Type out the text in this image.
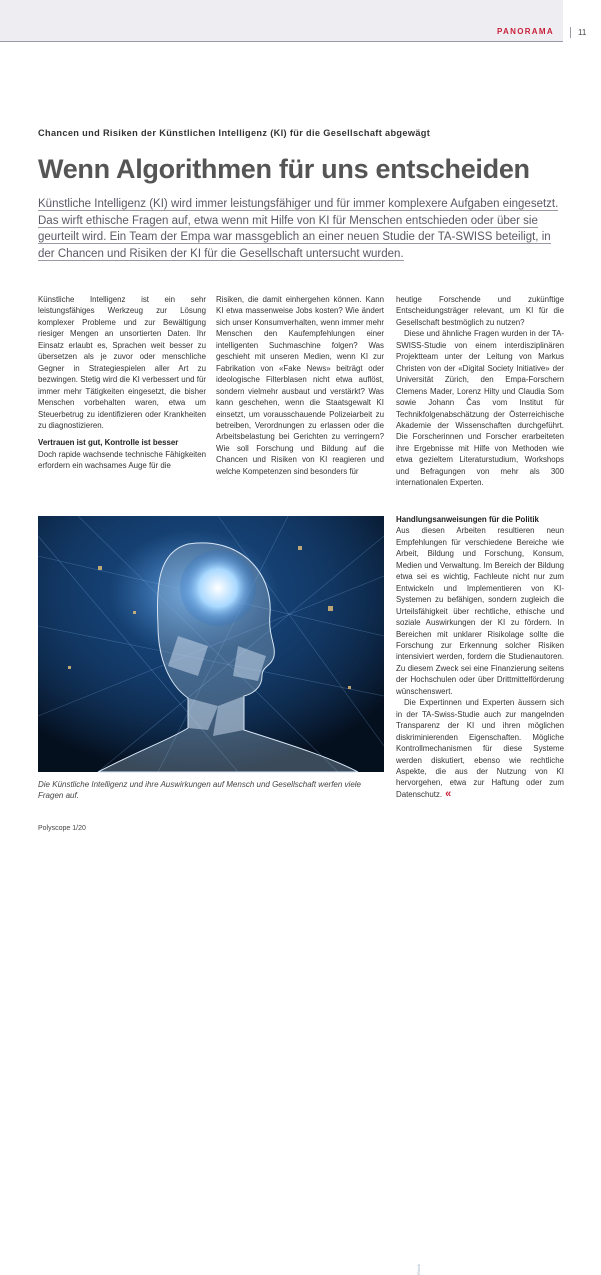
PANORAMA	11
Chancen und Risiken der Künstlichen Intelligenz (KI) für die Gesellschaft abgewägt
Wenn Algorithmen für uns entscheiden
Künstliche Intelligenz (KI) wird immer leistungsfähiger und für immer komplexere Aufgaben eingesetzt. Das wirft ethische Fragen auf, etwa wenn mit Hilfe von KI für Menschen entschieden oder über sie geurteilt wird. Ein Team der Empa war massgeblich an einer neuen Studie der TA-SWISS beteiligt, in der Chancen und Risiken der KI für die Gesellschaft untersucht wurden.

Künstliche Intelligenz ist ein sehr leistungsfähiges Werkzeug zur Lösung komplexer Probleme und zur Bewältigung riesiger Mengen an unsortierten Daten. Ihr Einsatz erlaubt es, Sprachen weit besser zu übersetzen als je zuvor oder menschliche Gegner in Strategiespielen aller Art zu bezwingen. Stetig wird die KI verbessert und für immer mehr Tätigkeiten eingesetzt, die bisher Menschen vorbehalten waren, etwa um Steuerbetrug zu identifizieren oder Krankheiten zu diagnostizieren.

Vertrauen ist gut, Kontrolle ist besser

Doch rapide wachsende technische Fähigkeiten erfordern ein wachsames Auge für die

Risiken, die damit einhergehen können. Kann KI etwa massenweise Jobs kosten? Wie ändert sich unser Konsumverhalten, wenn immer mehr Menschen den Kaufempfehlungen einer intelligenten Suchmaschine folgen? Was geschieht mit unseren Medien, wenn KI zur Fabrikation von «Fake News» beiträgt oder ideologische Filterblasen nicht etwa auflöst, sondern vielmehr ausbaut und verstärkt? Was kann geschehen, wenn die Staatsgewalt KI einsetzt, um vorausschauende Polizeiarbeit zu betreiben, Verordnungen zu erlassen oder die Arbeitsbelastung bei Gerichten zu verringern? Wie soll Forschung und Bildung auf die Chancen und Risiken von KI reagieren und welche Kompetenzen sind besonders für

heutige Forschende und zukünftige Entscheidungsträger relevant, um KI für die Gesellschaft bestmöglich zu nutzen?

Diese und ähnliche Fragen wurden in der TA-SWISS-Studie von einem interdisziplinären Projektteam unter der Leitung von Markus Christen von der «Digital Society Initiative» der Universität Zürich, den Empa-Forschern Clemens Mader, Lorenz Hilty und Claudia Som sowie Johann Čas vom Institut für Technikfolgenabschätzung der Österreichische Akademie der Wissenschaften durchgeführt. Die Forscherinnen und Forscher erarbeiteten ihre Ergebnisse mit Hilfe von Methoden wie etwa gezieltem Literaturstudium, Workshops und Befragungen von mehr als 300 internationalen Experten.

Handlungsanweisungen für die Politik

Aus diesen Arbeiten resultieren neun Empfehlungen für verschiedene Bereiche wie Arbeit, Bildung und Forschung, Konsum, Medien und Verwaltung. Im Bereich der Bildung etwa sei es wichtig, Fachleute nicht nur zum Entwickeln und Implementieren von KI-Systemen zu befähigen, sondern zugleich die Urteilsfähigkeit über rechtliche, ethische und soziale Auswirkungen der KI zu fördern. In Bereichen mit unklarer Risikolage sollte die Forschung zur Erkennung solcher Risiken intensiviert werden, fordern die Studienautoren. Zu diesem Zweck sei eine Finanzierung seitens der Hochschulen oder über Drittmittelförderung wünschenswert.

Die Expertinnen und Experten äussern sich in der TA-Swiss-Studie auch zur mangelnden Transparenz der KI und ihren möglichen diskriminierenden Eigenschaften. Mögliche Kontrollmechanismen für diese Systeme werden diskutiert, ebenso wie rechtliche Aspekte, die aus der Nutzung von KI hervorgehen, etwa zur Haftung oder zum Datenschutz. «

iStock
Die Künstliche Intelligenz und ihre Auswirkungen auf Mensch und Gesellschaft werfen viele Fragen auf.
Polyscope 1/20
